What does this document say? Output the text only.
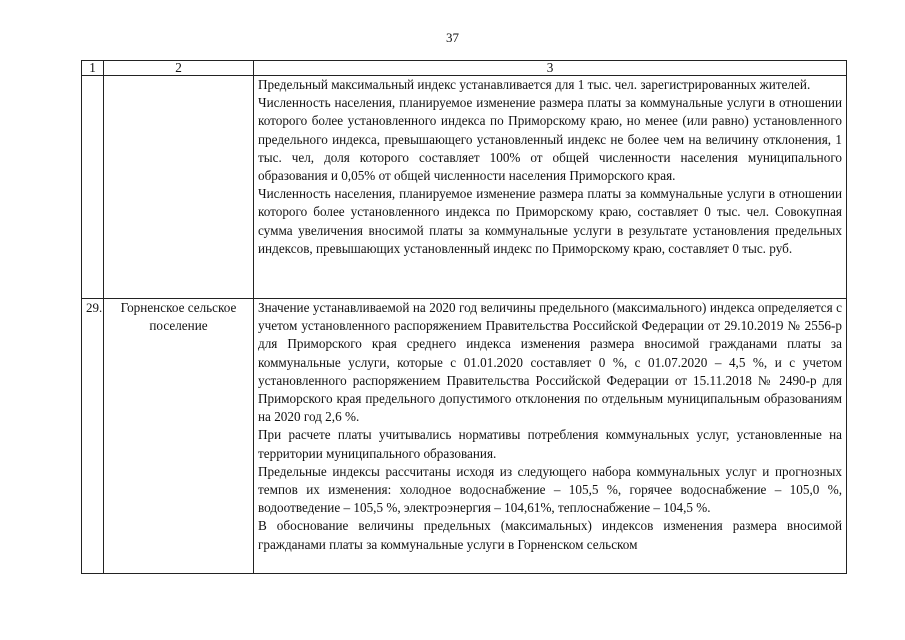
37
1	2	3

		Предельный максимальный индекс устанавливается для 1 тыс. чел. зарегистрированных жителей.

Численность населения, планируемое изменение размера платы за коммунальные услуги в отношении которого более установленного индекса по Приморскому краю, но менее (или равно) установленного предельного индекса, превышающего установленный индекс не более чем на величину отклонения, 1 тыс. чел, доля которого составляет 100% от общей численности населения муниципального образования и 0,05% от общей численности населения Приморского края.

Численность населения, планируемое изменение размера платы за коммунальные услуги в отношении которого более установленного индекса по Приморскому краю, составляет 0 тыс. чел. Совокупная сумма увеличения вносимой платы за коммунальные услуги в результате установления предельных индексов, превышающих установленный индекс по Приморскому краю, составляет 0 тыс. руб.

29.	Горненское сельское поселение	Значение устанавливаемой на 2020 год величины предельного (максимального) индекса определяется с учетом установленного распоряжением Правительства Российской Федерации от 29.10.2019 № 2556-р для Приморского края среднего индекса изменения размера вносимой гражданами платы за коммунальные услуги, которые с 01.01.2020 составляет 0 %, с 01.07.2020 – 4,5 %, и с учетом установленного распоряжением Правительства Российской Федерации от 15.11.2018 № 2490-р для Приморского края предельного допустимого отклонения по отдельным муниципальным образованиям на 2020 год 2,6 %.

При расчете платы учитывались нормативы потребления коммунальных услуг, установленные на территории муниципального образования.

Предельные индексы рассчитаны исходя из следующего набора коммунальных услуг и прогнозных темпов их изменения: холодное водоснабжение – 105,5 %, горячее водоснабжение – 105,0 %, водоотведение – 105,5 %, электроэнергия – 104,61%, теплоснабжение – 104,5 %.

В обоснование величины предельных (максимальных) индексов изменения размера вносимой гражданами платы за коммунальные услуги в Горненском сельском
